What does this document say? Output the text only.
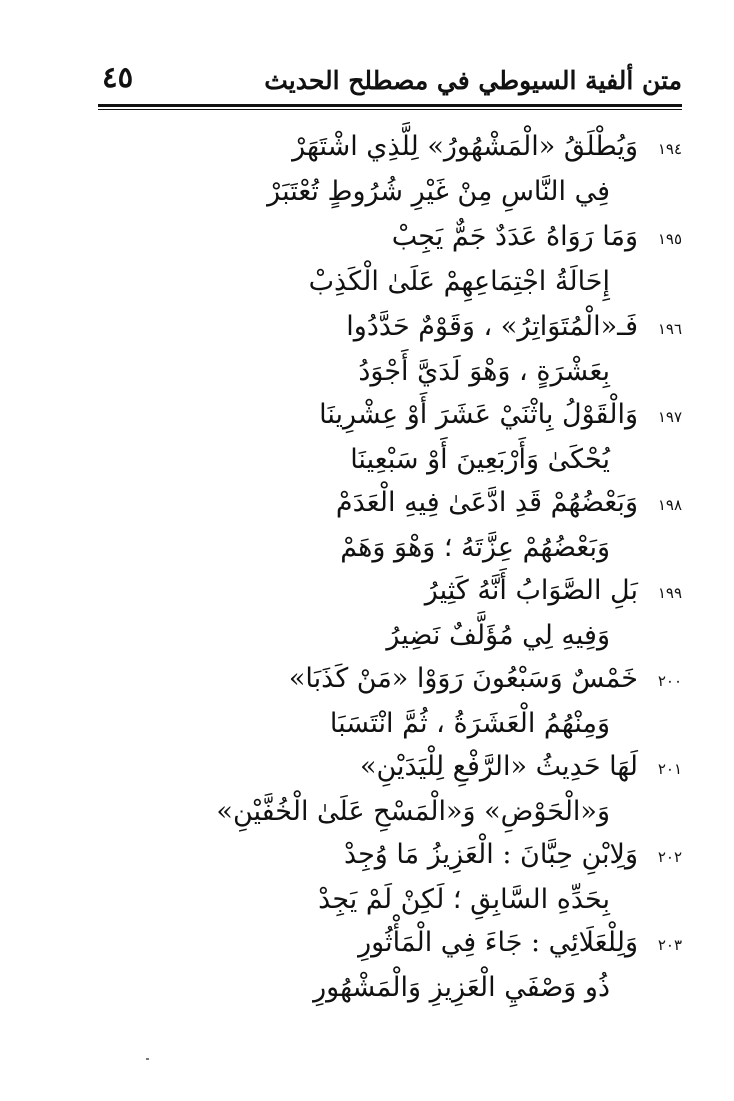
متن ألفية السيوطي في مصطلح الحديث
٤٥
١٩٤
وَيُطْلَقُ «الْمَشْهُورُ» لِلَّذِي اشْتَهَرْ
فِي النَّاسِ مِنْ غَيْرِ شُرُوطٍ تُعْتَبَرْ
١٩٥
وَمَا رَوَاهُ عَدَدٌ جَمٌّ يَجِبْ
إِحَالَةُ اجْتِمَاعِهِمْ عَلَىٰ الْكَذِبْ
١٩٦
فَـ«الْمُتَوَاتِرُ» ، وَقَوْمٌ حَدَّدُوا
بِعَشْرَةٍ ، وَهْوَ لَدَيَّ أَجْوَدُ
١٩٧
وَالْقَوْلُ بِاثْنَيْ عَشَرَ أَوْ عِشْرِينَا
يُحْكَىٰ وَأَرْبَعِينَ أَوْ سَبْعِينَا
١٩٨
وَبَعْضُهُمْ قَدِ ادَّعَىٰ فِيهِ الْعَدَمْ
وَبَعْضُهُمْ عِزَّتَهُ ؛ وَهْوَ وَهَمْ
١٩٩
بَلِ الصَّوَابُ أَنَّهُ كَثِيرُ
وَفِيهِ لِي مُؤَلَّفٌ نَضِيرُ
٢٠٠
خَمْسٌ وَسَبْعُونَ رَوَوْا «مَنْ كَذَبَا»
وَمِنْهُمُ الْعَشَرَةُ ، ثُمَّ انْتَسَبَا
٢٠١
لَهَا حَدِيثُ «الرَّفْعِ لِلْيَدَيْنِ»
وَ«الْحَوْضِ» وَ«الْمَسْحِ عَلَىٰ الْخُفَّيْنِ»
٢٠٢
وَلِابْنِ حِبَّانَ : الْعَزِيزُ مَا وُجِدْ
بِحَدِّهِ السَّابِقِ ؛ لَكِنْ لَمْ يَجِدْ
٢٠٣
وَلِلْعَلَائِي : جَاءَ فِي الْمَأْثُورِ
ذُو وَصْفَيِ الْعَزِيزِ وَالْمَشْهُورِ
